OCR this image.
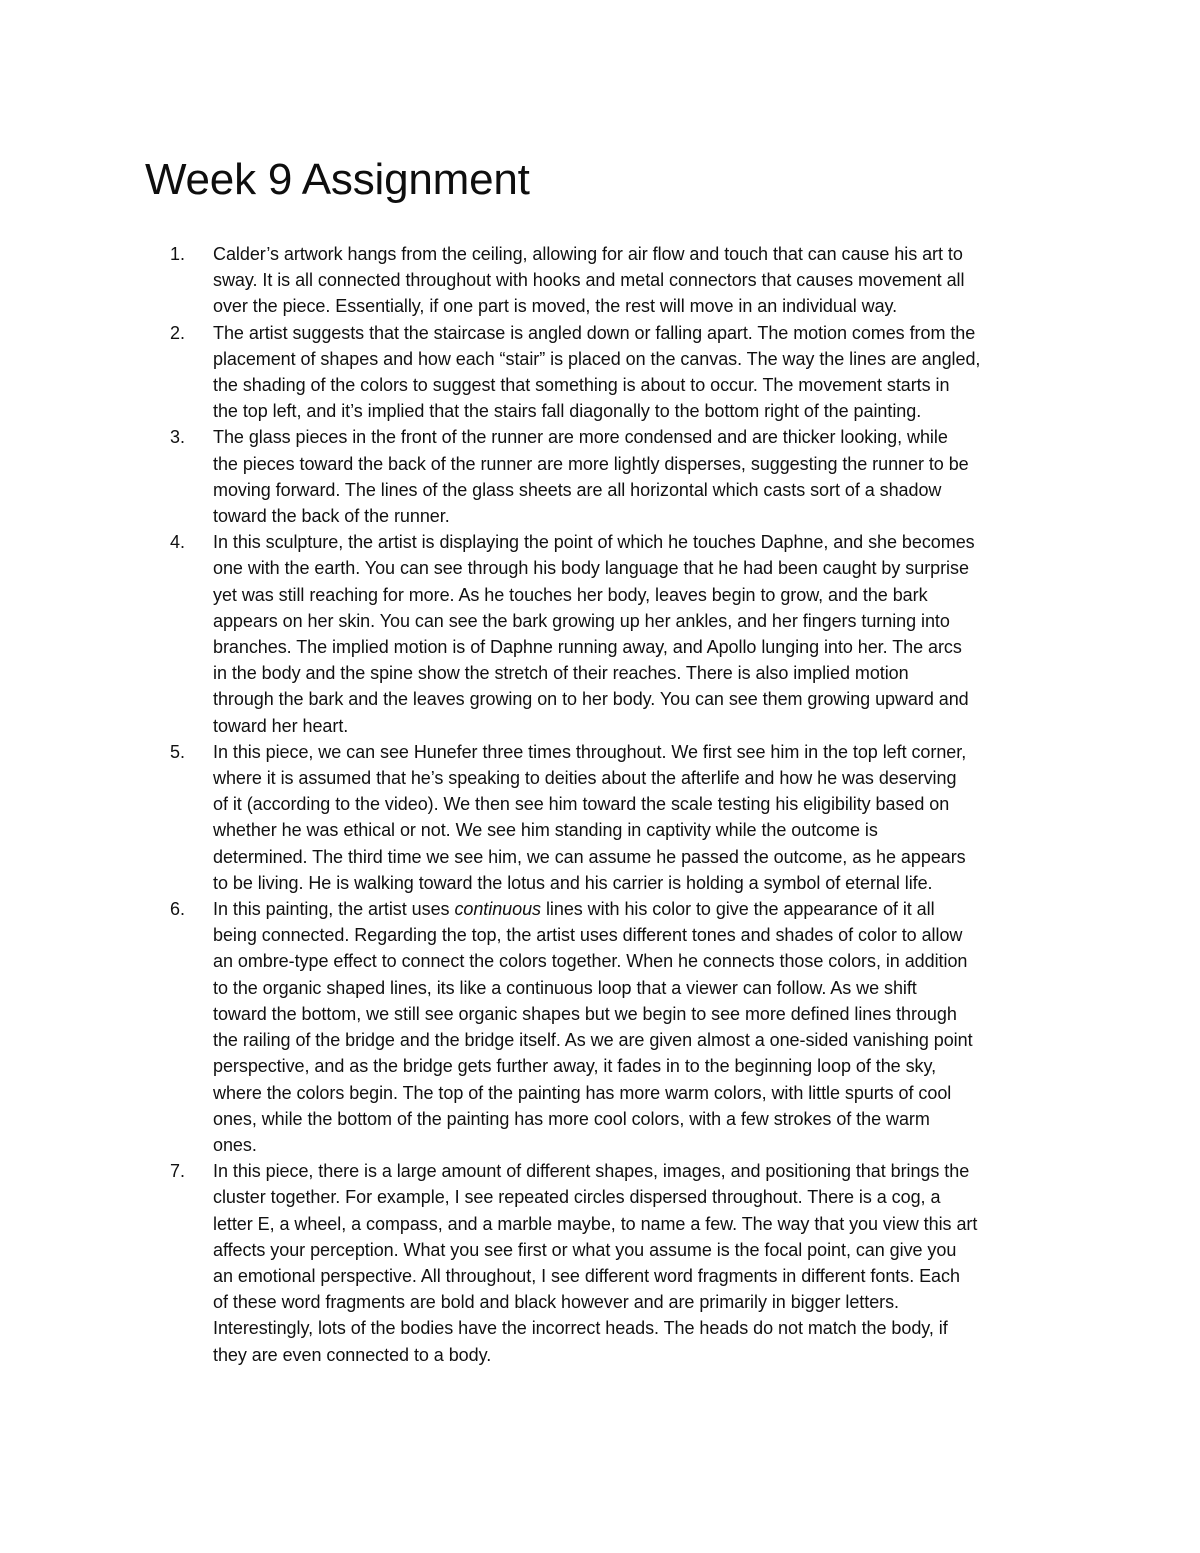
Week 9 Assignment
1.	Calder’s artwork hangs from the ceiling, allowing for air flow and touch that can cause his art to
sway. It is all connected throughout with hooks and metal connectors that causes movement all
over the piece. Essentially, if one part is moved, the rest will move in an individual way.
2.	The artist suggests that the staircase is angled down or falling apart. The motion comes from the
placement of shapes and how each “stair” is placed on the canvas. The way the lines are angled,
the shading of the colors to suggest that something is about to occur. The movement starts in
the top left, and it’s implied that the stairs fall diagonally to the bottom right of the painting.
3.	The glass pieces in the front of the runner are more condensed and are thicker looking, while
the pieces toward the back of the runner are more lightly disperses, suggesting the runner to be
moving forward. The lines of the glass sheets are all horizontal which casts sort of a shadow
toward the back of the runner.
4.	In this sculpture, the artist is displaying the point of which he touches Daphne, and she becomes
one with the earth. You can see through his body language that he had been caught by surprise
yet was still reaching for more. As he touches her body, leaves begin to grow, and the bark
appears on her skin. You can see the bark growing up her ankles, and her fingers turning into
branches. The implied motion is of Daphne running away, and Apollo lunging into her. The arcs
in the body and the spine show the stretch of their reaches. There is also implied motion
through the bark and the leaves growing on to her body. You can see them growing upward and
toward her heart.
5.	In this piece, we can see Hunefer three times throughout. We first see him in the top left corner,
where it is assumed that he’s speaking to deities about the afterlife and how he was deserving
of it (according to the video). We then see him toward the scale testing his eligibility based on
whether he was ethical or not. We see him standing in captivity while the outcome is
determined. The third time we see him, we can assume he passed the outcome, as he appears
to be living. He is walking toward the lotus and his carrier is holding a symbol of eternal life.
6.	In this painting, the artist uses continuous lines with his color to give the appearance of it all
being connected. Regarding the top, the artist uses different tones and shades of color to allow
an ombre-type effect to connect the colors together. When he connects those colors, in addition
to the organic shaped lines, its like a continuous loop that a viewer can follow. As we shift
toward the bottom, we still see organic shapes but we begin to see more defined lines through
the railing of the bridge and the bridge itself. As we are given almost a one-sided vanishing point
perspective, and as the bridge gets further away, it fades in to the beginning loop of the sky,
where the colors begin. The top of the painting has more warm colors, with little spurts of cool
ones, while the bottom of the painting has more cool colors, with a few strokes of the warm
ones.
7.	In this piece, there is a large amount of different shapes, images, and positioning that brings the
cluster together. For example, I see repeated circles dispersed throughout. There is a cog, a
letter E, a wheel, a compass, and a marble maybe, to name a few. The way that you view this art
affects your perception. What you see first or what you assume is the focal point, can give you
an emotional perspective. All throughout, I see different word fragments in different fonts. Each
of these word fragments are bold and black however and are primarily in bigger letters.
Interestingly, lots of the bodies have the incorrect heads. The heads do not match the body, if
they are even connected to a body.
